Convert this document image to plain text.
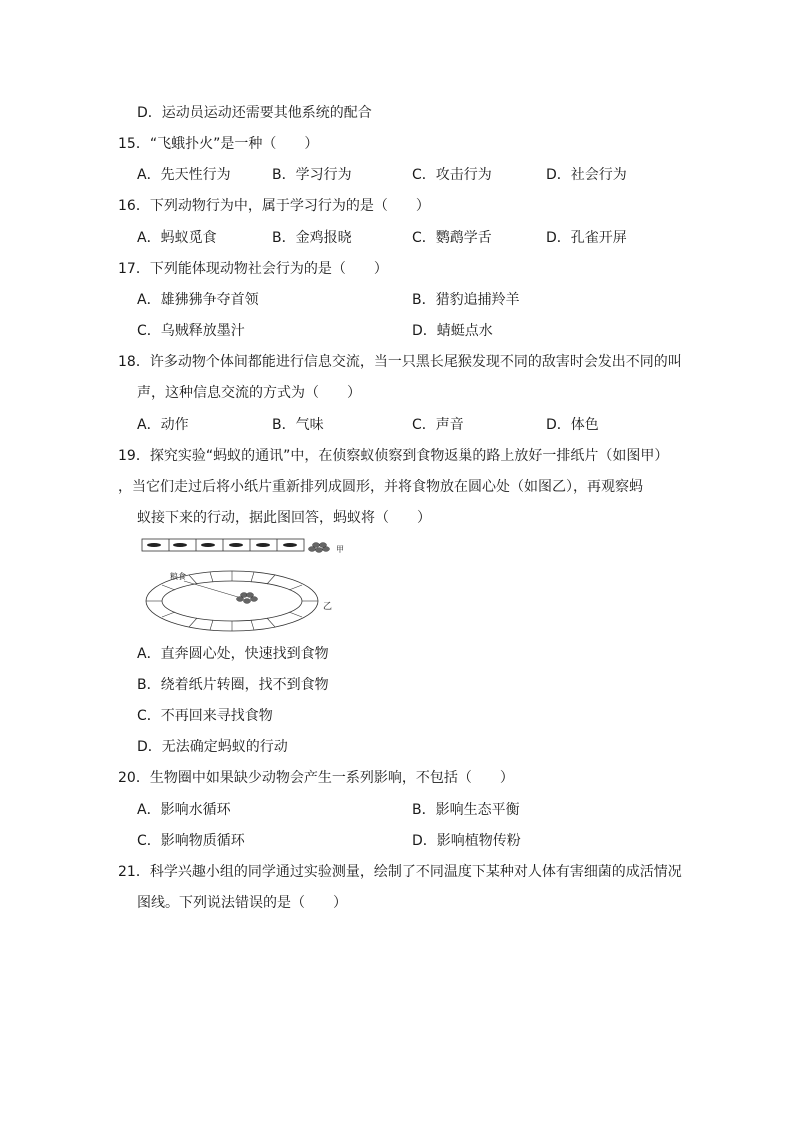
D．运动员运动还需要其他系统的配合
15．“飞蛾扑火”是一种（　　）
A．先天性行为	B．学习行为	C．攻击行为	D．社会行为
16．下列动物行为中，属于学习行为的是（　　）
A．蚂蚁觅食	B．金鸡报晓	C．鹦鹉学舌	D．孔雀开屏
17．下列能体现动物社会行为的是（　　）
A．雄狒狒争夺首领	B．猎豹追捕羚羊
C．乌贼释放墨汁	D．蜻蜓点水
18．许多动物个体间都能进行信息交流，当一只黑长尾猴发现不同的敌害时会发出不同的叫
声，这种信息交流的方式为（　　）
A．动作	B．气味	C．声音	D．体色
19．探究实验“蚂蚁的通讯”中，在侦察蚁侦察到食物返巢的路上放好一排纸片（如图甲）
，当它们走过后将小纸片重新排列成圆形，并将食物放在圆心处（如图乙），再观察蚂
蚁接下来的行动，据此图回答，蚂蚁将（　　）
甲
粮食
乙
A．直奔圆心处，快速找到食物
B．绕着纸片转圈，找不到食物
C．不再回来寻找食物
D．无法确定蚂蚁的行动
20．生物圈中如果缺少动物会产生一系列影响，不包括（　　）
A．影响水循环	B．影响生态平衡
C．影响物质循环	D．影响植物传粉
21．科学兴趣小组的同学通过实验测量，绘制了不同温度下某种对人体有害细菌的成活情况
图线。下列说法错误的是（　　）
